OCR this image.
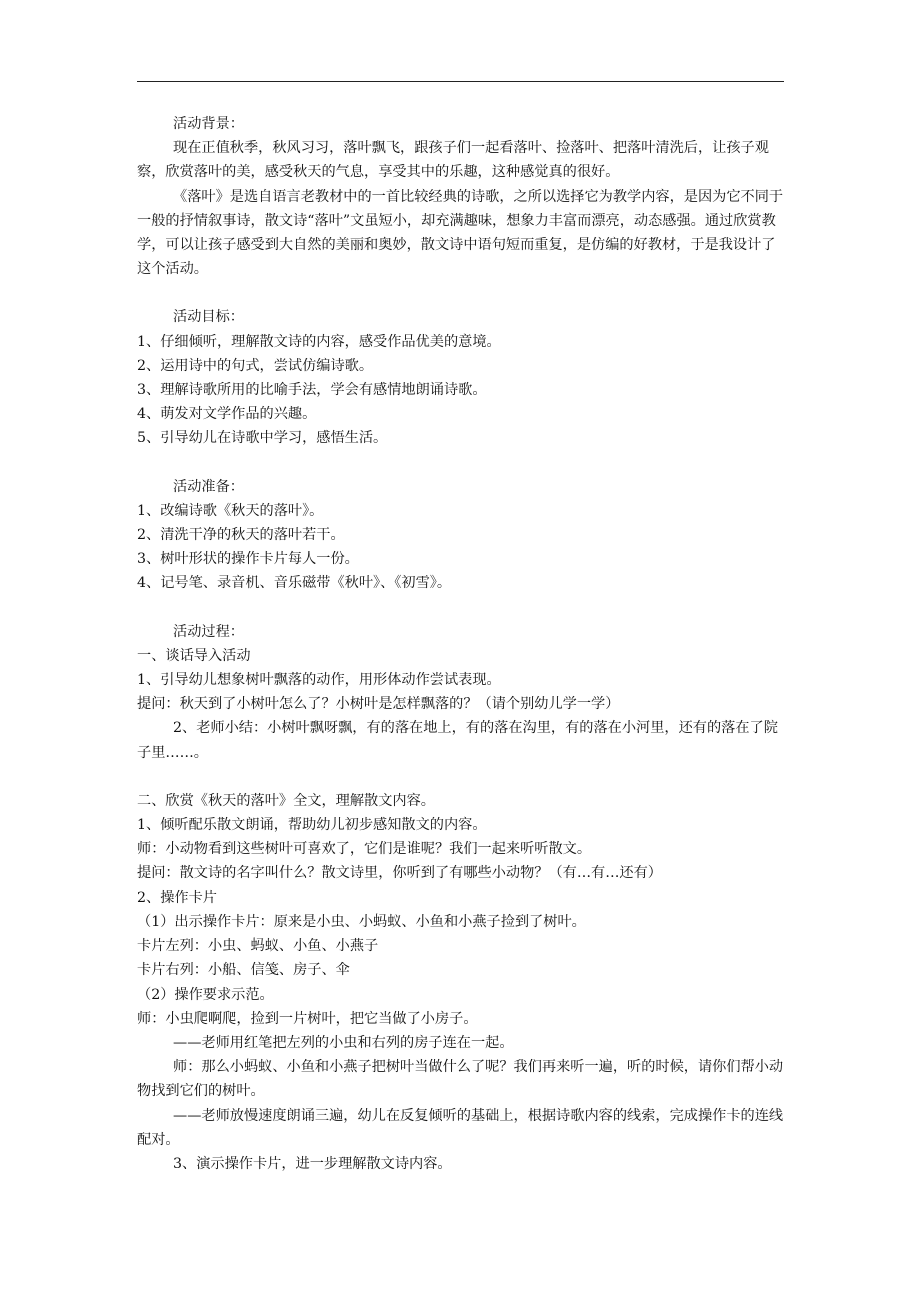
活动背景：

现在正值秋季，秋风习习，落叶飘飞，跟孩子们一起看落叶、捡落叶、把落叶清洗后，让孩子观察，欣赏落叶的美，感受秋天的气息，享受其中的乐趣，这种感觉真的很好。

《落叶》是选自语言老教材中的一首比较经典的诗歌，之所以选择它为教学内容，是因为它不同于一般的抒情叙事诗，散文诗“落叶”文虽短小，却充满趣味，想象力丰富而漂亮，动态感强。通过欣赏教学，可以让孩子感受到大自然的美丽和奥妙，散文诗中语句短而重复，是仿编的好教材，于是我设计了这个活动。

活动目标：

1、仔细倾听，理解散文诗的内容，感受作品优美的意境。

2、运用诗中的句式，尝试仿编诗歌。

3、理解诗歌所用的比喻手法，学会有感情地朗诵诗歌。

4、萌发对文学作品的兴趣。

5、引导幼儿在诗歌中学习，感悟生活。

活动准备：

1、改编诗歌《秋天的落叶》。

2、清洗干净的秋天的落叶若干。

3、树叶形状的操作卡片每人一份。

4、记号笔、录音机、音乐磁带《秋叶》、《初雪》。

活动过程：

一、谈话导入活动

1、引导幼儿想象树叶飘落的动作，用形体动作尝试表现。

提问：秋天到了小树叶怎么了？小树叶是怎样飘落的？（请个别幼儿学一学）

2、老师小结：小树叶飘呀飘，有的落在地上，有的落在沟里，有的落在小河里，还有的落在了院子里……。

二、欣赏《秋天的落叶》全文，理解散文内容。

1、倾听配乐散文朗诵，帮助幼儿初步感知散文的内容。

师：小动物看到这些树叶可喜欢了，它们是谁呢？我们一起来听听散文。

提问：散文诗的名字叫什么？散文诗里，你听到了有哪些小动物？（有…有…还有）

2、操作卡片

（1）出示操作卡片：原来是小虫、小蚂蚁、小鱼和小燕子捡到了树叶。

卡片左列：小虫、蚂蚁、小鱼、小燕子

卡片右列：小船、信笺、房子、伞

（2）操作要求示范。

师：小虫爬啊爬，捡到一片树叶，把它当做了小房子。

——老师用红笔把左列的小虫和右列的房子连在一起。

师：那么小蚂蚁、小鱼和小燕子把树叶当做什么了呢？我们再来听一遍，听的时候，请你们帮小动物找到它们的树叶。

——老师放慢速度朗诵三遍，幼儿在反复倾听的基础上，根据诗歌内容的线索，完成操作卡的连线配对。

3、演示操作卡片，进一步理解散文诗内容。
